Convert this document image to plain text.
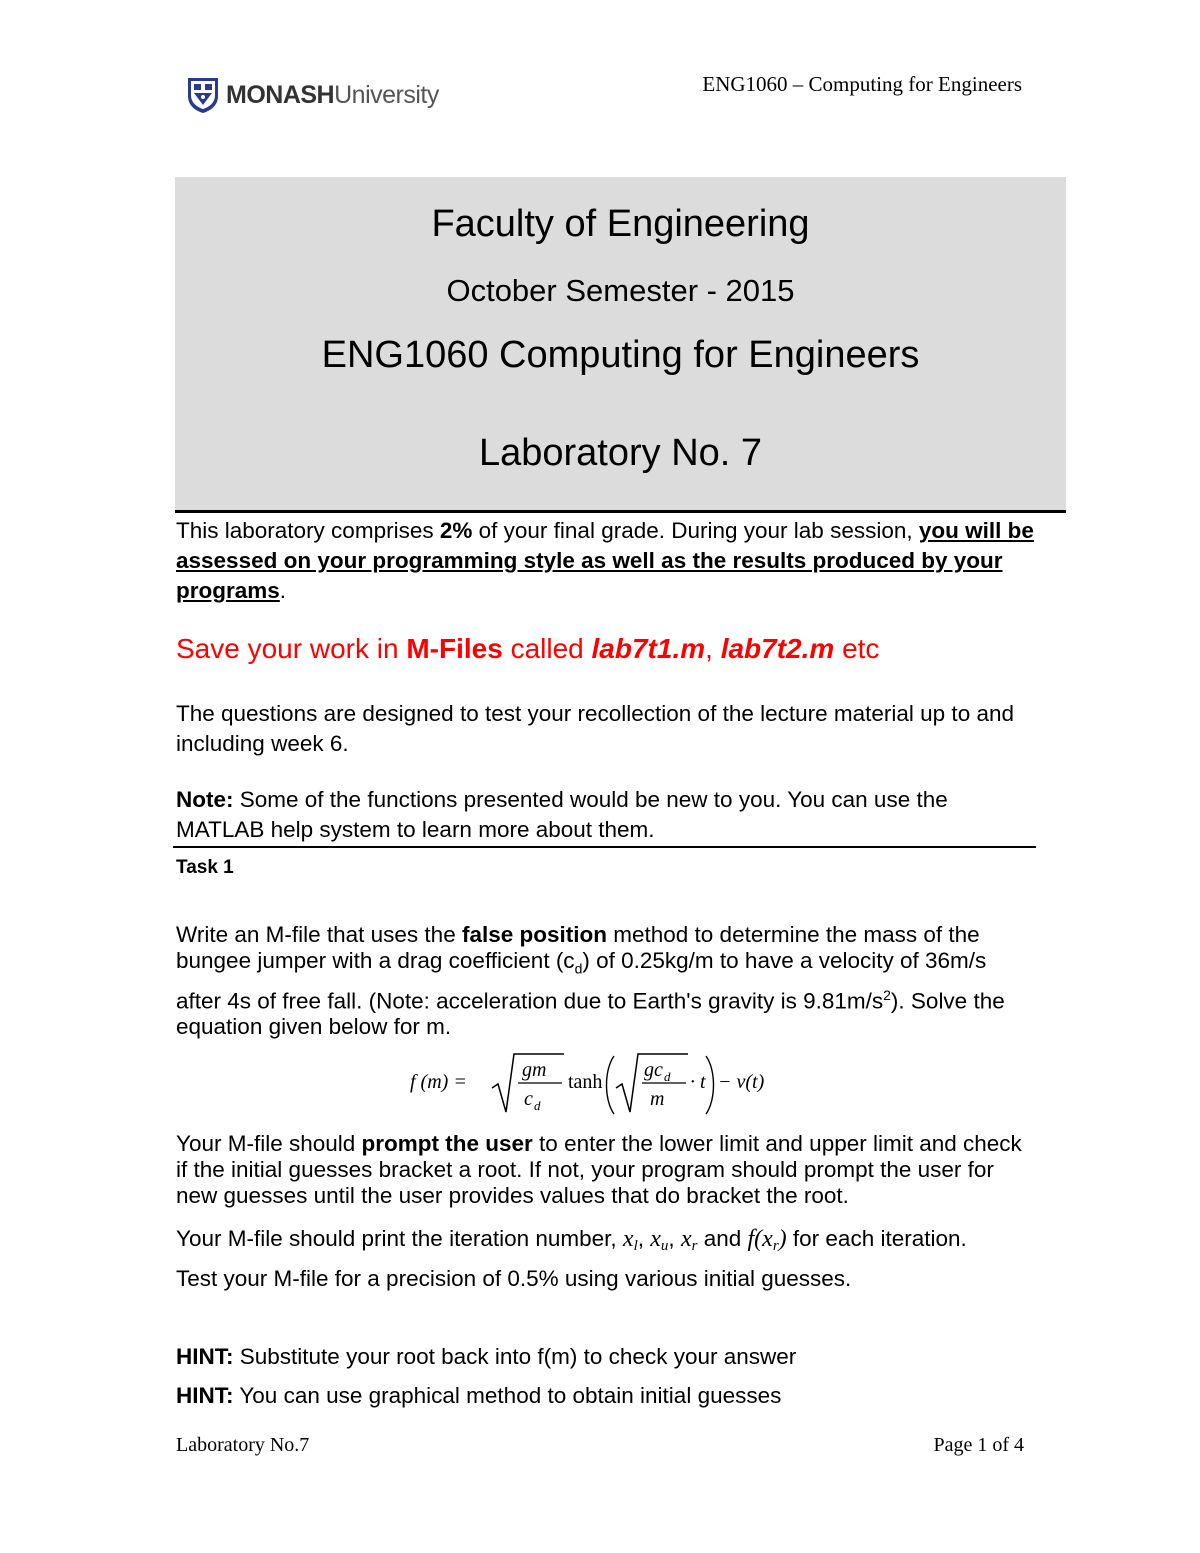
MONASHUniversity	ENG1060 – Computing for Engineers
Faculty of Engineering
October Semester - 2015
ENG1060 Computing for Engineers
Laboratory No. 7
This laboratory comprises 2% of your final grade. During your lab session, you will be assessed on your programming style as well as the results produced by your programs.
Save your work in M-Files called lab7t1.m, lab7t2.m etc
The questions are designed to test your recollection of the lecture material up to and including week 6.
Note: Some of the functions presented would be new to you. You can use the MATLAB help system to learn more about them.
Task 1
Write an M-file that uses the false position method to determine the mass of the bungee jumper with a drag coefficient $(c_d)$ of 0.25kg/m to have a velocity of 36m/s after 4s of free fall. (Note: acceleration due to Earth's gravity is $9.81m/s^2$). Solve the equation given below for m.
f (m) =
gm
c d
tanh
gc d
m
· t − v(t)
Your M-file should prompt the user to enter the lower limit and upper limit and check if the initial guesses bracket a root. If not, your program should prompt the user for new guesses until the user provides values that do bracket the root.
Your M-file should print the iteration number, xl, xu, xr and f(xr) for each iteration.
Test your M-file for a precision of 0.5% using various initial guesses.
HINT: Substitute your root back into f(m) to check your answer
HINT: You can use graphical method to obtain initial guesses
Laboratory No.7	Page 1 of 4
